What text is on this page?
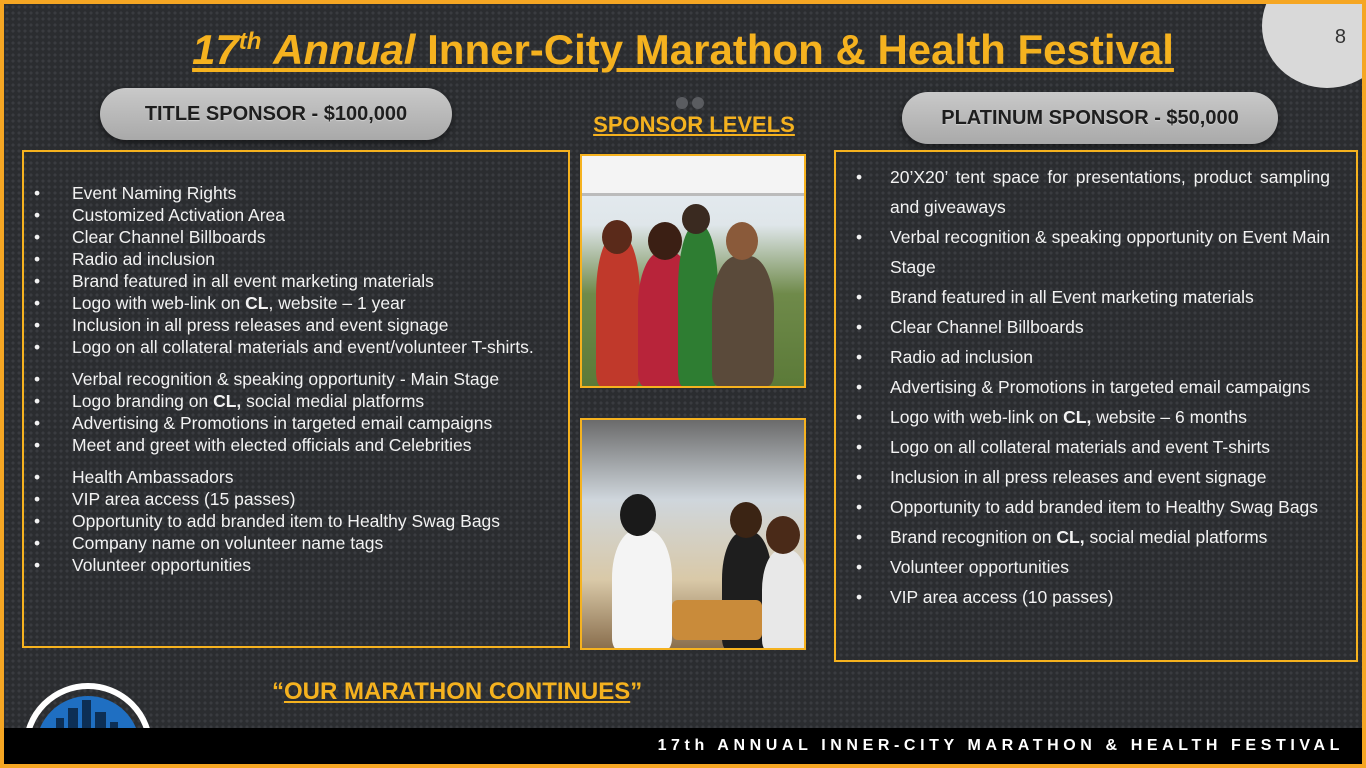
8
17th Annual Inner-City Marathon & Health Festival
TITLE SPONSOR - $100,000	PLATINUM SPONSOR - $50,000
SPONSOR LEVELS
• Event Naming Rights
• Customized Activation Area
• Clear Channel Billboards
• Radio ad inclusion
• Brand featured in all event marketing materials
• Logo with web-link on CL, website – 1 year
• Inclusion in all press releases and event signage
• Logo on all collateral materials and event/volunteer T-shirts.
• Verbal recognition & speaking opportunity - Main Stage
• Logo branding on CL, social medial platforms
• Advertising & Promotions in targeted email campaigns
• Meet and greet with elected officials and Celebrities
• Health Ambassadors
• VIP area access (15 passes)
• Opportunity to add branded item to Healthy Swag Bags
• Company name on volunteer name tags
• Volunteer opportunities
• 20’X20’ tent space for presentations, product sampling and giveaways
• Verbal recognition & speaking opportunity on Event Main Stage
• Brand featured in all Event marketing materials
• Clear Channel Billboards
• Radio ad inclusion
• Advertising & Promotions in targeted email campaigns
• Logo with web-link on CL, website – 6 months
• Logo on all collateral materials and event T-shirts
• Inclusion in all press releases and event signage
• Opportunity to add branded item to Healthy Swag Bags
• Brand recognition on CL, social medial platforms
• Volunteer opportunities
• VIP area access (10 passes)
“OUR MARATHON CONTINUES”
17th ANNUAL INNER-CITY MARATHON & HEALTH FESTIVAL
